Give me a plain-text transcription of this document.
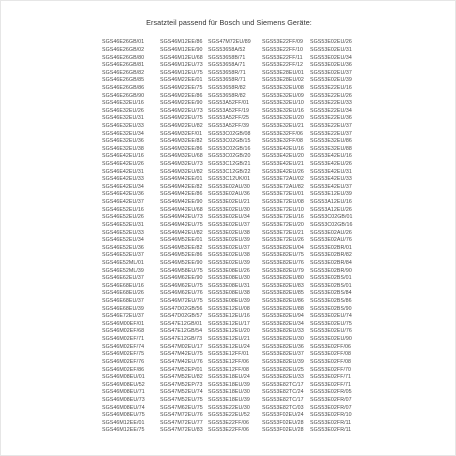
Ersatzteil passend für Bosch und Siemens Geräte:
SGS46E26GB/01
SGS46E26GB/02
SGS46E26GB/80
SGS46E26GB/81
SGS46E26GB/82
SGS46E26GB/85
SGS46E26GB/86
SGS46E26GB/90
SGS46E32EU/16
SGS46E32EU/26
SGS46E32EU/31
SGS46E32EU/33
SGS46E32EU/34
SGS46E32EU/36
SGS46E32EU/38
SGS46E42EU/16
SGS46E42EU/26
SGS46E42EU/31
SGS46E42EU/33
SGS46E42EU/34
SGS46E42EU/36
SGS46E42EU/37
SGS46E52EU/16
SGS46E52EU/26
SGS46E52EU/31
SGS46E52EU/33
SGS46E52EU/34
SGS46E52EU/36
SGS46E52EU/37
SGS46E52ML/01
SGS46E52ML/39
SGS46E62EU/37
SGS46E68EU/16
SGS46E68EU/26
SGS46E68EU/37
SGS46E68EU/39
SGS46E72EU/37
SGS46M00EF/01
SGS46M02EF/68
SGS46M02EF/71
SGS46M02EF/74
SGS46M02EF/75
SGS46M02EF/76
SGS46M02EF/86
SGS46M08EU/01
SGS46M08EU/52
SGS46M08EU/71
SGS46M08EU/73
SGS46M08EU/74
SGS46M08EU/75
SGS46M12EE/01
SGS46M12EE/75
SGS46M12EE/86
SGS46M12EE/90
SGS46M12EU/68
SGS46M12EU/73
SGS46M12EU/75
SGS46M22EE/01
SGS46M22EE/75
SGS46M22EE/86
SGS46M22EE/90
SGS46M22EU/73
SGS46M22EU/75
SGS46M22EU/82
SGS46M32EF/01
SGS46M32EE/82
SGS46M32EE/86
SGS46M32EU/68
SGS46M32EU/73
SGS46M32EU/82
SGS46M42EE/01
SGS46M42EE/82
SGS46M42EE/86
SGS46M42EE/90
SGS46M42EU/68
SGS46M42EU/73
SGS46M42EU/75
SGS46M42EU/82
SGS46M52EE/01
SGS46M52EE/82
SGS46M52EE/86
SGS46M52EE/90
SGS46M58EU/75
SGS46M62EE/90
SGS46M62EU/75
SGS46M62EU/76
SGS46M72EU/75
SGS47D02GB/56
SGS47D02GB/57
SGS47E12GB/01
SGS47E12GB/54
SGS47E12GB/73
SGS47M02EU/17
SGS47M42EU/75
SGS47M42EU/76
SGS47M52EP/01
SGS47M52EU/82
SGS47M52EP/73
SGS47M52EU/74
SGS47M52EU/75
SGS47M62EU/75
SGS47M72EU/76
SGS47M72EU/77
SGS47M72EU/83
SGS47M72EU/89
SGS53658A/52
SGS53658B/71
SGS53658A/71
SGS53658R/71
SGS53658R/71
SGS53658R/82
SGS53658R/82
SGS53A52FF/01
SGS53A52FF/19
SGS53A52FF/25
SGS53A52FF/39
SGS53C02GB/08
SGS53C02GB/15
SGS53C02GB/16
SGS53C02GB/20
SGS53C12GB/21
SGS53C12GB/22
SGS53C12UK/01
SGS53E02AU/30
SGS53E02AU/36
SGS53E02EU/21
SGS53E02EU/30
SGS53E02EU/34
SGS53E02EU/37
SGS53E02EU/38
SGS53E02EU/39
SGS53E02EU/37
SGS53E02EU/38
SGS53E02EU/39
SGS53E08EU/26
SGS53E08EU/30
SGS53E08EU/31
SGS53E08EU/38
SGS53E08EU/39
SGS53E12EU/08
SGS53E12EU/16
SGS53E12EU/17
SGS53E12EU/20
SGS53E12EU/21
SGS53E12EU/24
SGS53E12FF/01
SGS53E12FF/06
SGS53E12FF/08
SGS53E18EU/24
SGS53E18EU/39
SGS53E18EU/30
SGS53E18EU/39
SGS53E22EU/30
SGS53E22EU/52
SGS53E22FF/06
SGS53E22FF/06
SGS53E22FF/09
SGS53E22FF/10
SGS53E22FF/11
SGS53E22FF/12
SGS53E28EU/01
SGS53E28EU/02
SGS53E32EU/08
SGS53E32EU/09
SGS53E32EU/10
SGS53E32EU/16
SGS53E32EU/20
SGS53E32EU/21
SGS53E32FF/06
SGS53E32FF/08
SGS53E42EU/16
SGS53E42EU/20
SGS53E42EU/21
SGS53E42EU/26
SGS53E72AU/02
SGS53E72AU/82
SGS53E72EU/01
SGS53E72EU/08
SGS53E72EU/10
SGS53E72EU/16
SGS53E72EU/20
SGS53E72EU/21
SGS53E72EU/26
SGS53E82EU/04
SGS53E82EU/75
SGS53E82EU/76
SGS53E82EU/79
SGS53E82EU/80
SGS53E82EU/83
SGS53E82EU/85
SGS53E82EU/86
SGS53E82EU/88
SGS53E82EU/94
SGS53E82EU/34
SGS53E82EU/33
SGS53E82EU/30
SGS53E82EU/36
SGS53E82EU/37
SGS53E82EU/39
SGS53E82EU/25
SGS53E82EU/33
SGS53E82TC/17
SGS53E82TC/24
SGS53E82TC/17
SGS53E82TC/03
SGS53F02EU/24
SGS53F02EU/28
SGS53F02EU/28
SGS53E02EU/26
SGS53E02EU/31
SGS53E02EU/34
SGS53E02EU/36
SGS53E02EU/37
SGS53E02EU/39
SGS53E22EU/16
SGS53E22EU/26
SGS53E22EU/33
SGS53E22EU/34
SGS53E22EU/36
SGS53E22EU/37
SGS53E22EU/37
SGS53E32EU/86
SGS53E32EU/88
SGS53E42EU/16
SGS53E42EU/26
SGS53E42EU/31
SGS53E42EU/33
SGS53E42EU/37
SGS53E12EU/39
SGS53A12EU/16
SGS53A12EU/26
SGS53C02GB/01
SGS53C02GB/16
SGS53E02AU/26
SGS53E02AU/76
SGS53E02BR/01
SGS53E02BR/82
SGS53E02BR/84
SGS53E02BR/90
SGS53E02BS/01
SGS53E02BS/01
SGS53E02BS/84
SGS53E02BS/86
SGS53E02BS/90
SGS53E02EU/74
SGS53E02EU/75
SGS53E02EU/76
SGS53E02EU/90
SGS53E02FF/06
SGS53E02FF/08
SGS53E02FF/08
SGS53E02FF/70
SGS53E02FF/71
SGS53E02FF/71
SGS53E02FR/05
SGS53E02FR/07
SGS53E02FR/07
SGS53E02FR/10
SGS53E02FR/11
SGS53E02FR/11
